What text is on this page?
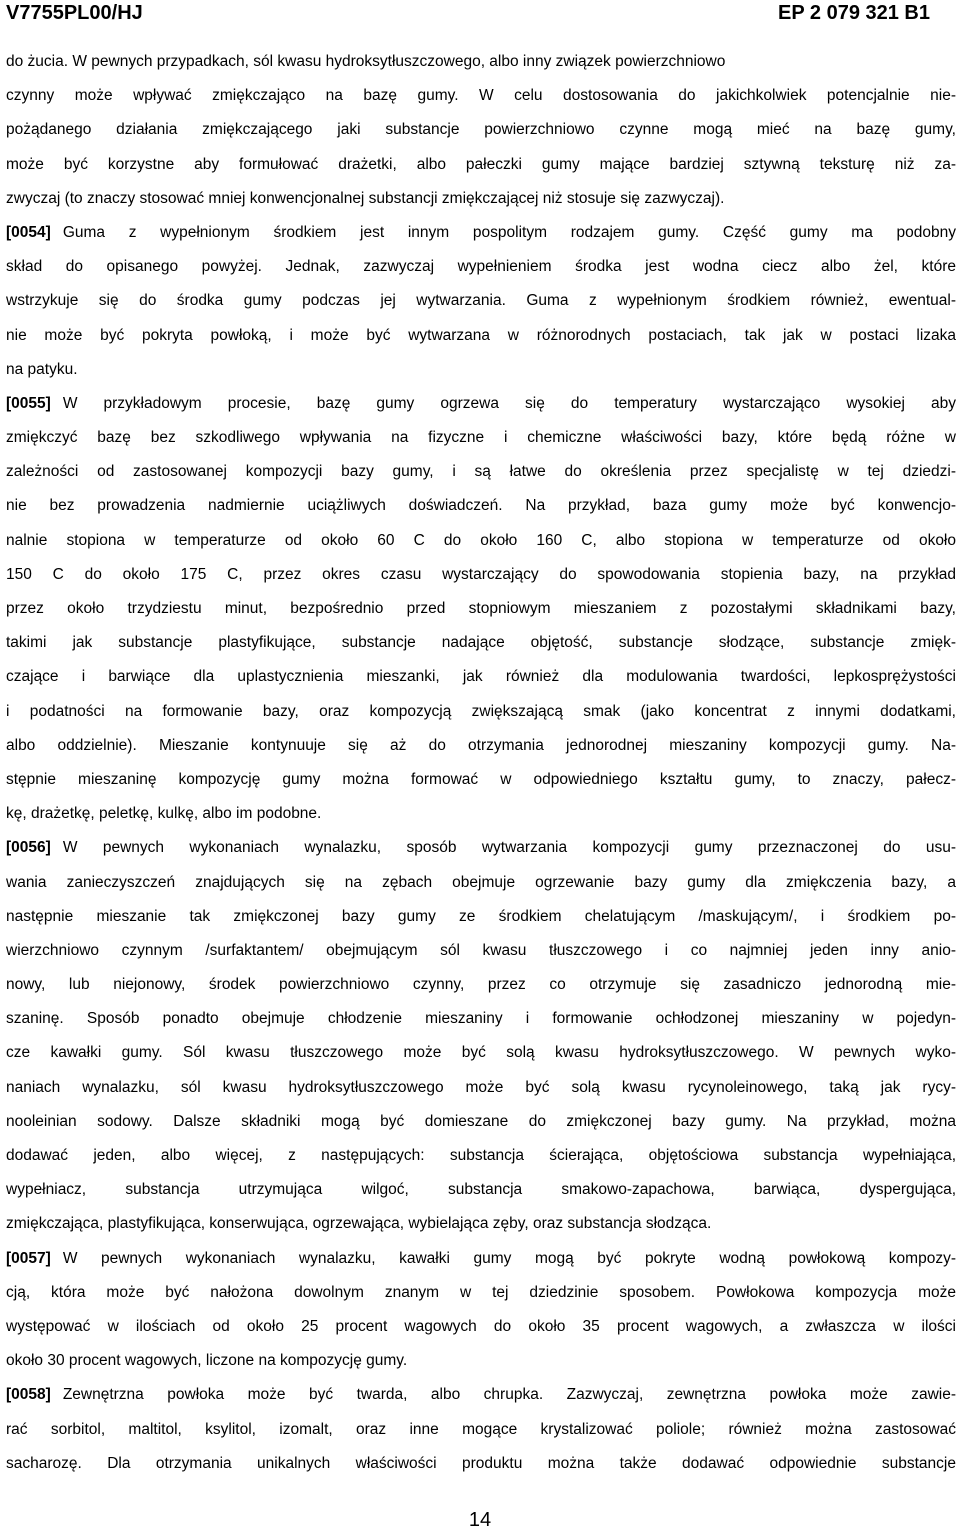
V7755PL00/HJ	EP 2 079 321 B1
do żucia. W pewnych przypadkach, sól kwasu hydroksytłuszczowego, albo inny związek powierzchniowo
czynny może wpływać zmiękczająco na bazę gumy. W celu dostosowania do jakichkolwiek potencjalnie nie-
pożądanego działania zmiękczającego jaki substancje powierzchniowo czynne mogą mieć na bazę gumy,
może być korzystne aby formułować drażetki, albo pałeczki gumy mające bardziej sztywną teksturę niż za-
zwyczaj (to znaczy stosować mniej konwencjonalnej substancji zmiękczającej niż stosuje się zazwyczaj).
[0054] Guma z wypełnionym środkiem jest innym pospolitym rodzajem gumy. Część gumy ma podobny
skład do opisanego powyżej. Jednak, zazwyczaj wypełnieniem środka jest wodna ciecz albo żel, które
wstrzykuje się do środka gumy podczas jej wytwarzania. Guma z wypełnionym środkiem również, ewentual-
nie może być pokryta powłoką, i może być wytwarzana w różnorodnych postaciach, tak jak w postaci lizaka
na patyku.
[0055] W przykładowym procesie, bazę gumy ogrzewa się do temperatury wystarczająco wysokiej aby
zmiękczyć bazę bez szkodliwego wpływania na fizyczne i chemiczne właściwości bazy, które będą różne w
zależności od zastosowanej kompozycji bazy gumy, i są łatwe do określenia przez specjalistę w tej dziedzi-
nie bez prowadzenia nadmiernie uciążliwych doświadczeń. Na przykład, baza gumy może być konwencjo-
nalnie stopiona w temperaturze od około 60 C do około 160 C, albo stopiona w temperaturze od około
150 C do około 175 C, przez okres czasu wystarczający do spowodowania stopienia bazy, na przykład
przez około trzydziestu minut, bezpośrednio przed stopniowym mieszaniem z pozostałymi składnikami bazy,
takimi jak substancje plastyfikujące, substancje nadające objętość, substancje słodzące, substancje zmięk-
czające i barwiące dla uplastycznienia mieszanki, jak również dla modulowania twardości, lepkosprężystości
i podatności na formowanie bazy, oraz kompozycją zwiększającą smak (jako koncentrat z innymi dodatkami,
albo oddzielnie). Mieszanie kontynuuje się aż do otrzymania jednorodnej mieszaniny kompozycji gumy. Na-
stępnie mieszaninę kompozycję gumy można formować w odpowiedniego kształtu gumy, to znaczy, pałecz-
kę, drażetkę, peletkę, kulkę, albo im podobne.
[0056] W pewnych wykonaniach wynalazku, sposób wytwarzania kompozycji gumy przeznaczonej do usu-
wania zanieczyszczeń znajdujących się na zębach obejmuje ogrzewanie bazy gumy dla zmiękczenia bazy, a
następnie mieszanie tak zmiękczonej bazy gumy ze środkiem chelatującym /maskującym/, i środkiem po-
wierzchniowo czynnym /surfaktantem/ obejmującym sól kwasu tłuszczowego i co najmniej jeden inny anio-
nowy, lub niejonowy, środek powierzchniowo czynny, przez co otrzymuje się zasadniczo jednorodną mie-
szaninę. Sposób ponadto obejmuje chłodzenie mieszaniny i formowanie ochłodzonej mieszaniny w pojedyn-
cze kawałki gumy. Sól kwasu tłuszczowego może być solą kwasu hydroksytłuszczowego. W pewnych wyko-
naniach wynalazku, sól kwasu hydroksytłuszczowego może być solą kwasu rycynoleinowego, taką jak rycy-
nooleinian sodowy. Dalsze składniki mogą być domieszane do zmiękczonej bazy gumy. Na przykład, można
dodawać jeden, albo więcej, z następujących: substancja ścierająca, objętościowa substancja wypełniająca,
wypełniacz, substancja utrzymująca wilgoć, substancja smakowo-zapachowa, barwiąca, dyspergująca,
zmiękczająca, plastyfikująca, konserwująca, ogrzewająca, wybielająca zęby, oraz substancja słodząca.
[0057] W pewnych wykonaniach wynalazku, kawałki gumy mogą być pokryte wodną powłokową kompozy-
cją, która może być nałożona dowolnym znanym w tej dziedzinie sposobem. Powłokowa kompozycja może
występować w ilościach od około 25 procent wagowych do około 35 procent wagowych, a zwłaszcza w ilości
około 30 procent wagowych, liczone na kompozycję gumy.
[0058] Zewnętrzna powłoka może być twarda, albo chrupka. Zazwyczaj, zewnętrzna powłoka może zawie-
rać sorbitol, maltitol, ksylitol, izomalt, oraz inne mogące krystalizować poliole; również można zastosować
sacharozę. Dla otrzymania unikalnych właściwości produktu można także dodawać odpowiednie substancje
14
